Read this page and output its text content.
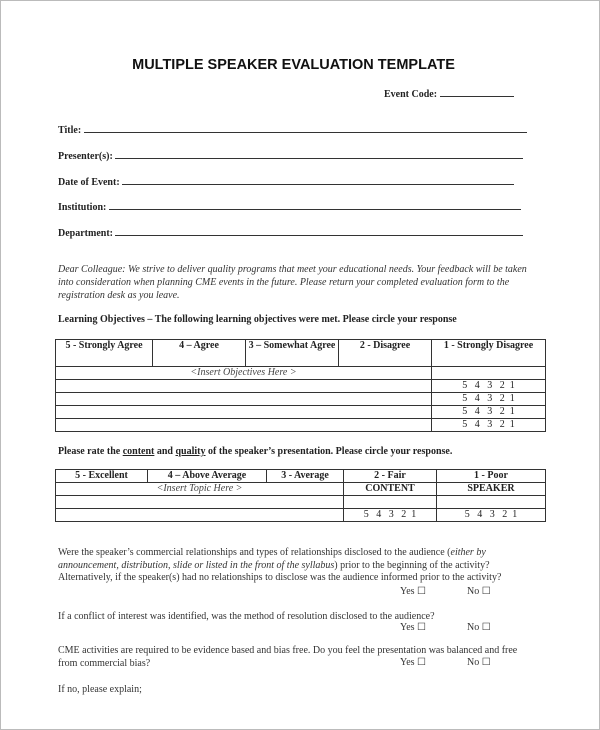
MULTIPLE SPEAKER EVALUATION TEMPLATE
Event Code:
Title:
Presenter(s):
Date of Event:
Institution:
Department:
Dear Colleague: We strive to deliver quality programs that meet your educational needs. Your feedback will be taken into consideration when planning CME events in the future. Please return your completed evaluation form to the registration desk as you leave.
Learning Objectives – The following learning objectives were met. Please circle your response
5 - Strongly Agree	4 – Agree	3 – Somewhat Agree	2 - Disagree	1 - Strongly Disagree
<Insert Objectives Here >				
				5   4   3   2  1
				5   4   3   2  1
				5   4   3   2  1
				5   4   3   2  1
Please rate the content and quality of the speaker’s presentation. Please circle your response.
5 - Excellent	4 – Above Average	3 - Average	2 - Fair	1 - Poor
<Insert Topic Here >			CONTENT	SPEAKER

			5   4   3   2  1	5   4   3   2  1
Were the speaker’s commercial relationships and types of relationships disclosed to the audience (either by announcement, distribution, slide or listed in the front of the syllabus) prior to the beginning of the activity? Alternatively, if the speaker(s) had no relationships to disclose was the audience informed prior to the activity?
Yes ☐	No ☐
If a conflict of interest was identified, was the method of resolution disclosed to the audience?
Yes ☐	No ☐
CME activities are required to be evidence based and bias free. Do you feel the presentation was balanced and free from commercial bias?	Yes ☐	No ☐
If no, please explain;
